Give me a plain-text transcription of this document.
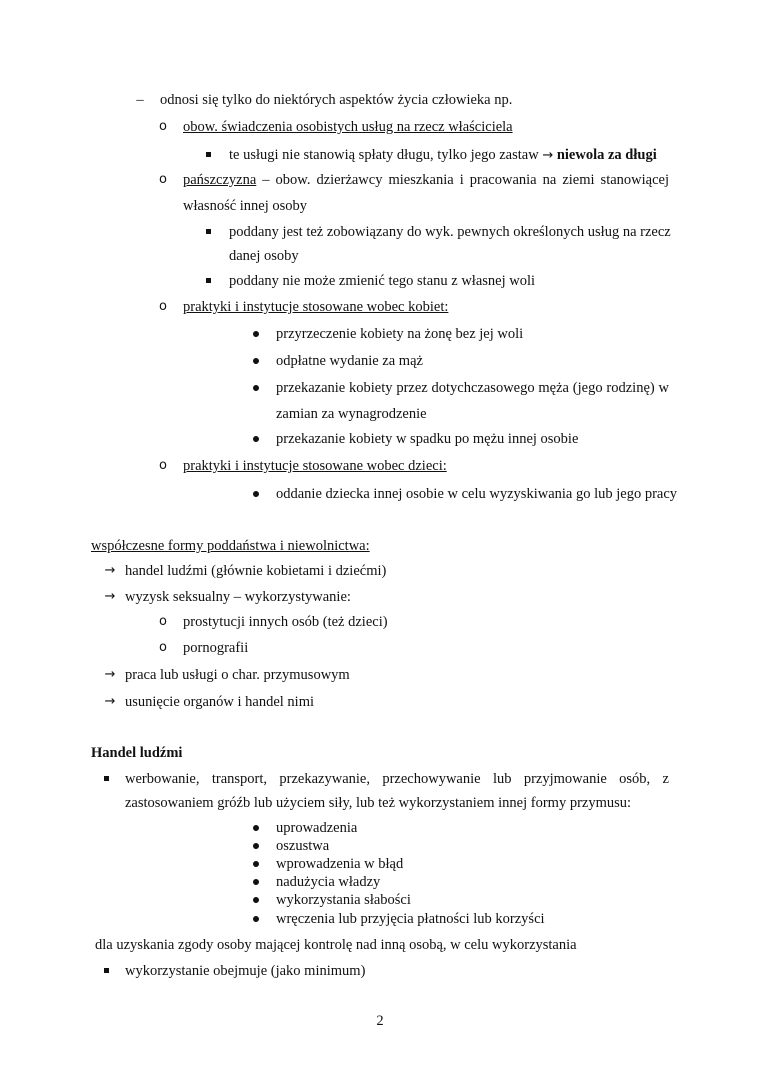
– odnosi się tylko do niektórych aspektów życia człowieka np.
o obow. świadczenia osobistych usług na rzecz właściciela
te usługi nie stanowią spłaty długu, tylko jego zastaw → niewola za długi
o pańszczyzna – obow. dzierżawcy mieszkania i pracowania na ziemi stanowiącej
własność innej osoby
poddany jest też zobowiązany do wyk. pewnych określonych usług na rzecz
danej osoby
poddany nie może zmienić tego stanu z własnej woli
o praktyki i instytucje stosowane wobec kobiet:
przyrzeczenie kobiety na żonę bez jej woli
odpłatne wydanie za mąż
przekazanie kobiety przez dotychczasowego męża (jego rodzinę) w
zamian za wynagrodzenie
przekazanie kobiety w spadku po mężu innej osobie
o praktyki i instytucje stosowane wobec dzieci:
oddanie dziecka innej osobie w celu wyzyskiwania go lub jego pracy
współczesne formy poddaństwa i niewolnictwa:
→ handel ludźmi (głównie kobietami i dziećmi)
→ wyzysk seksualny – wykorzystywanie:
o prostytucji innych osób (też dzieci)
o pornografii
→ praca lub usługi o char. przymusowym
→ usunięcie organów i handel nimi
Handel ludźmi
werbowanie, transport, przekazywanie, przechowywanie lub przyjmowanie osób, z
zastosowaniem gróźb lub użyciem siły, lub też wykorzystaniem innej formy przymusu:
uprowadzenia
oszustwa
wprowadzenia w błąd
nadużycia władzy
wykorzystania słabości
wręczenia lub przyjęcia płatności lub korzyści
dla uzyskania zgody osoby mającej kontrolę nad inną osobą, w celu wykorzystania
wykorzystanie obejmuje (jako minimum)
2
